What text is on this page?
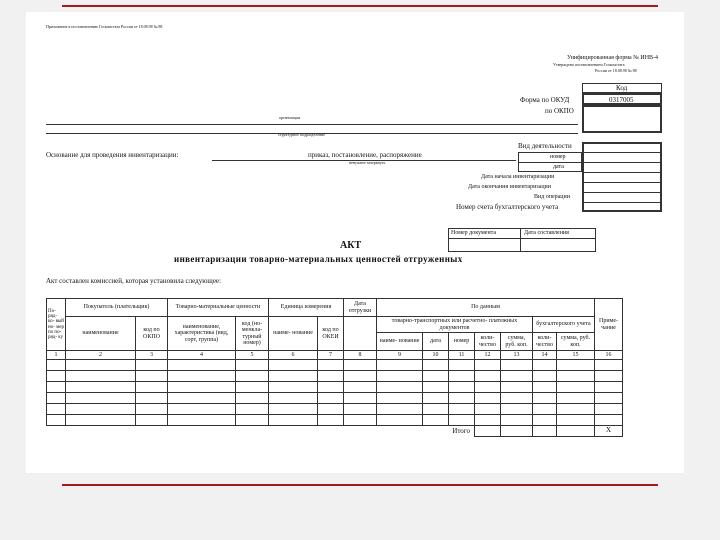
Приложение к постановлению Госкомстата России от 18.08.98 № 88
Унифицированная форма № ИНВ-4
Утверждена постановлением Госкомстата
России от 18.08.98 № 88
Код
0317005
Форма по ОКУД
по ОКПО
организация
структурное подразделение
Вид деятельности
номер
дата
Дата начала инвентаризации
Дата окончания инвентаризации
Вид операции
Номер счета бухгалтерского учета
Основание для проведения инвентаризации:	приказ, постановление, распоряжение
ненужное зачеркнуть
Номер документа	Дата составления
АКТ
инвентаризации товарно-материальных ценностей отгруженных
Акт составлен комиссией, которая установила следующее:
По- ряд- ко- вый но- мер по по- ряд- ку	Покупатель (плательщик)		Товарно-материальные ценности		Единица измерения		Дата отгрузки	По данным							Приме- чание
	наименование	код по ОКПО	наименование, характеристика (вид, сорт, группа)	код (но- менкла- турный номер)	наиме- нование	код по ОКЕИ		товарно-транспортных или расчетно- платежных документов					бухгалтерского учета		
								наиме- нование	дата	номер	коли- чество	сумма, руб. коп.	коли- чество	сумма, руб. коп.	
1	2	3	4	5	6	7	8	9	10	11	12	13	14	15	16

Итого															Х
